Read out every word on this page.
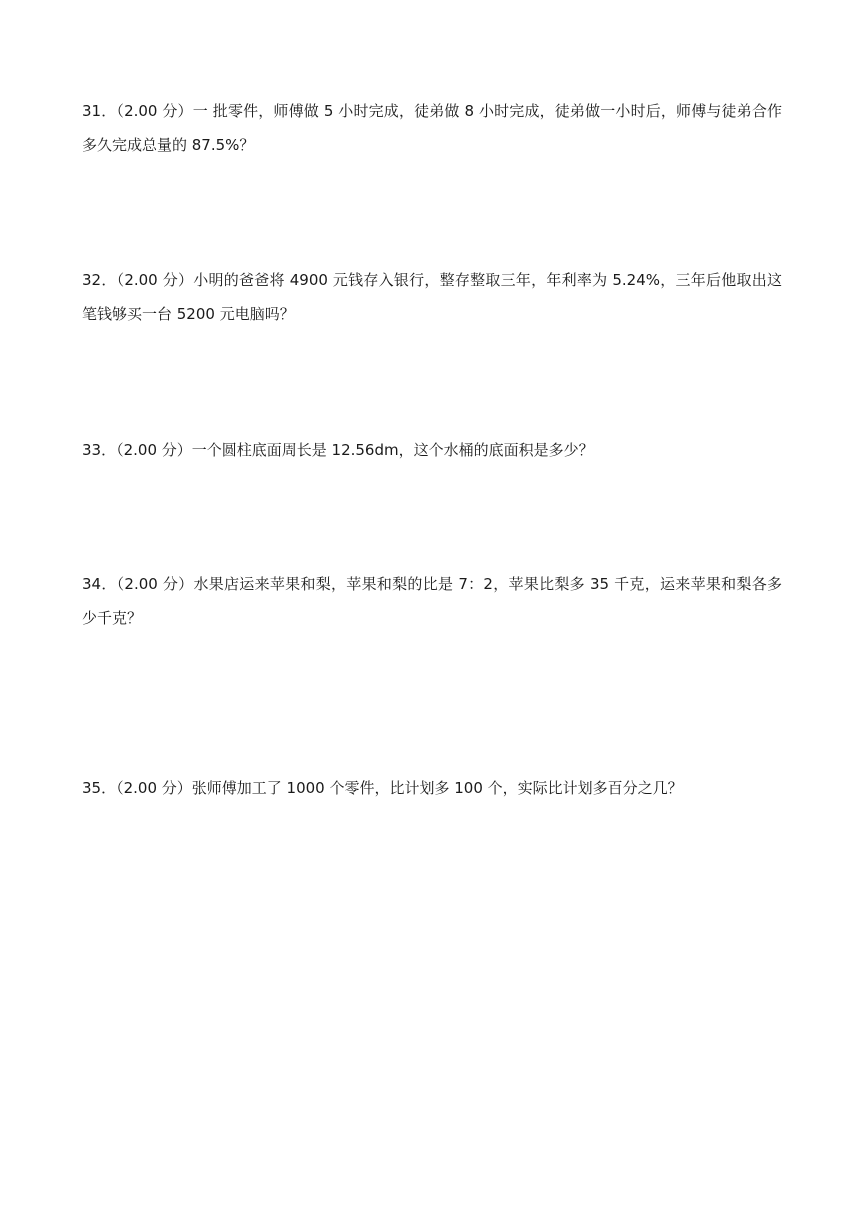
31．（2.00 分）一 批零件，师傅做 5 小时完成，徒弟做 8 小时完成，徒弟做一小时后，师傅与徒弟合作多久完成总量的 87.5%？

32．（2.00 分）小明的爸爸将 4900 元钱存入银行，整存整取三年，年利率为 5.24%，三年后他取出这笔钱够买一台 5200 元电脑吗？

33．（2.00 分）一个圆柱底面周长是 12.56dm，这个水桶的底面积是多少？

34．（2.00 分）水果店运来苹果和梨，苹果和梨的比是 7：2，苹果比梨多 35 千克，运来苹果和梨各多少千克？

35．（2.00 分）张师傅加工了 1000 个零件，比计划多 100 个，实际比计划多百分之几？
